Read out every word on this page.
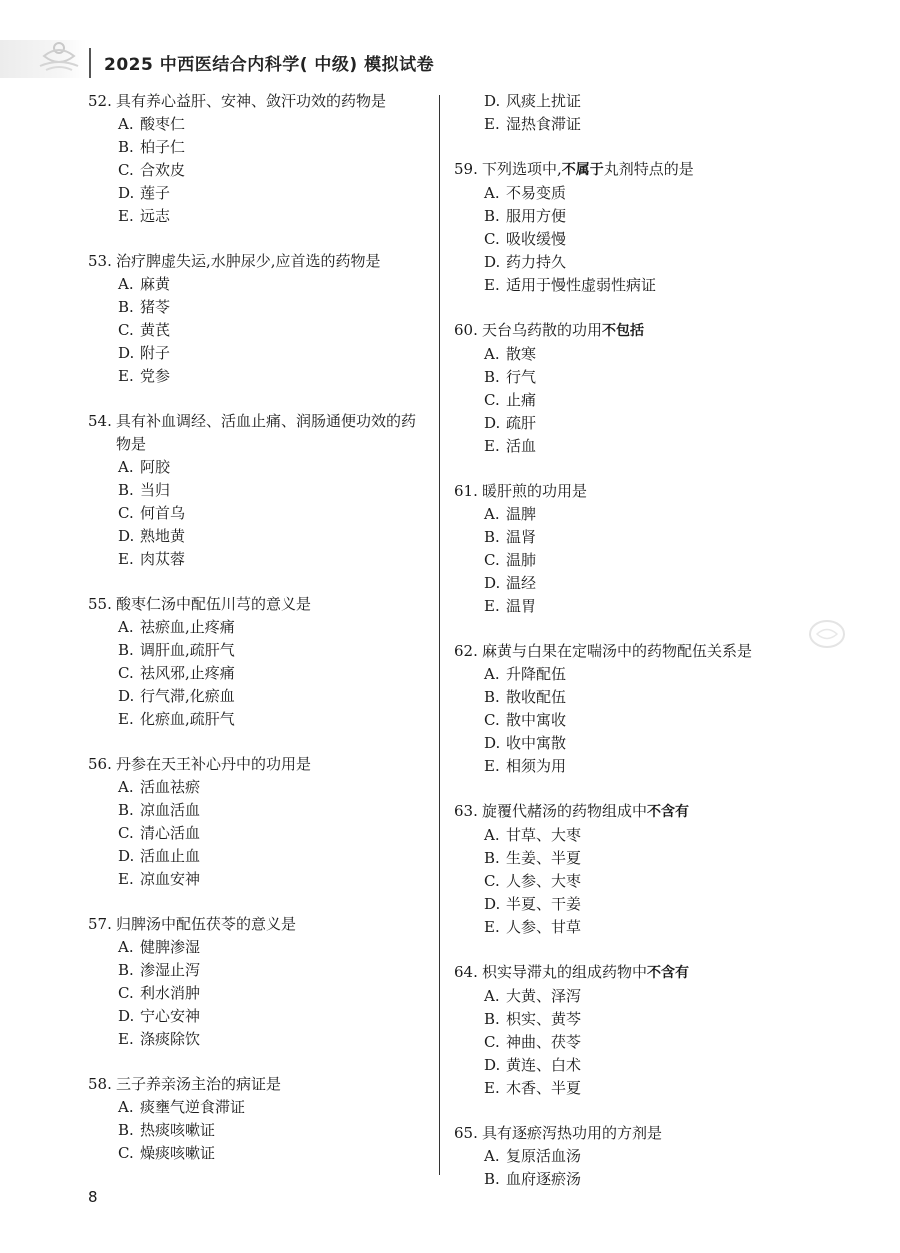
2025 中西医结合内科学( 中级) 模拟试卷
52. 具有养心益肝、安神、敛汗功效的药物是
A. 酸枣仁
B. 柏子仁
C. 合欢皮
D. 莲子
E. 远志
53. 治疗脾虚失运,水肿尿少,应首选的药物是
A. 麻黄
B. 猪苓
C. 黄芪
D. 附子
E. 党参
54. 具有补血调经、活血止痛、润肠通便功效的药物是
A. 阿胶
B. 当归
C. 何首乌
D. 熟地黄
E. 肉苁蓉
55. 酸枣仁汤中配伍川芎的意义是
A. 祛瘀血,止疼痛
B. 调肝血,疏肝气
C. 祛风邪,止疼痛
D. 行气滞,化瘀血
E. 化瘀血,疏肝气
56. 丹参在天王补心丹中的功用是
A. 活血祛瘀
B. 凉血活血
C. 清心活血
D. 活血止血
E. 凉血安神
57. 归脾汤中配伍茯苓的意义是
A. 健脾渗湿
B. 渗湿止泻
C. 利水消肿
D. 宁心安神
E. 涤痰除饮
58. 三子养亲汤主治的病证是
A. 痰壅气逆食滞证
B. 热痰咳嗽证
C. 燥痰咳嗽证
D. 风痰上扰证
E. 湿热食滞证
59. 下列选项中,不属于丸剂特点的是
A. 不易变质
B. 服用方便
C. 吸收缓慢
D. 药力持久
E. 适用于慢性虚弱性病证
60. 天台乌药散的功用不包括
A. 散寒
B. 行气
C. 止痛
D. 疏肝
E. 活血
61. 暖肝煎的功用是
A. 温脾
B. 温肾
C. 温肺
D. 温经
E. 温胃
62. 麻黄与白果在定喘汤中的药物配伍关系是
A. 升降配伍
B. 散收配伍
C. 散中寓收
D. 收中寓散
E. 相须为用
63. 旋覆代赭汤的药物组成中不含有
A. 甘草、大枣
B. 生姜、半夏
C. 人参、大枣
D. 半夏、干姜
E. 人参、甘草
64. 枳实导滞丸的组成药物中不含有
A. 大黄、泽泻
B. 枳实、黄芩
C. 神曲、茯苓
D. 黄连、白术
E. 木香、半夏
65. 具有逐瘀泻热功用的方剂是
A. 复原活血汤
B. 血府逐瘀汤
8
